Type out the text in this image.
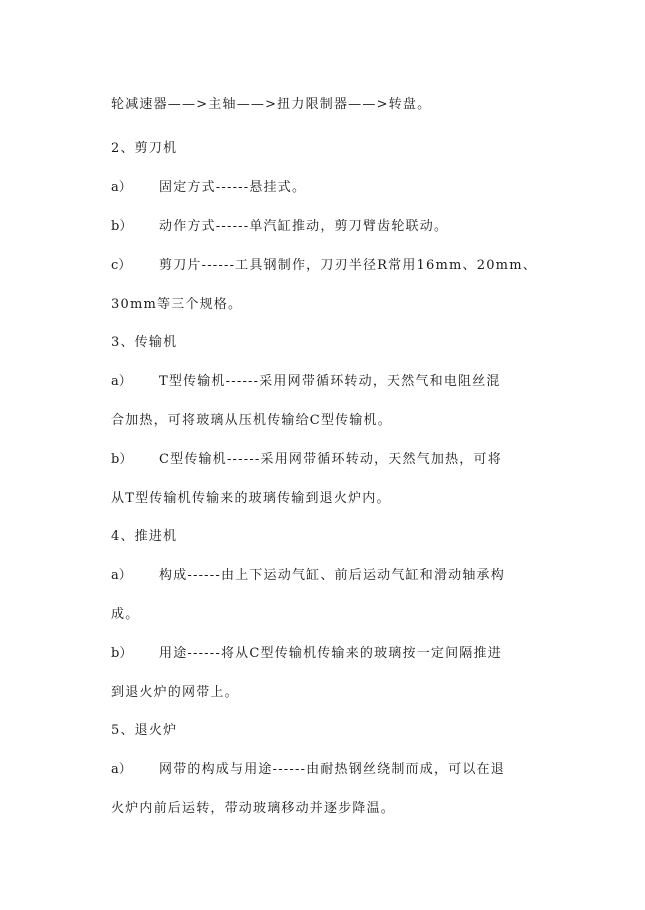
轮减速器——>主轴——>扭力限制器——>转盘。
2、剪刀机
a）	固定方式------悬挂式。
b）	动作方式------单汽缸推动，剪刀臂齿轮联动。
c）	剪刀片------工具钢制作，刀刃半径R常用16mm、20mm、
30mm等三个规格。
3、传输机
a）	T型传输机------采用网带循环转动，天然气和电阻丝混
合加热，可将玻璃从压机传输给C型传输机。
b）	C型传输机------采用网带循环转动，天然气加热，可将
从T型传输机传输来的玻璃传输到退火炉内。
4、推进机
a）	构成------由上下运动气缸、前后运动气缸和滑动轴承构
成。
b）	用途------将从C型传输机传输来的玻璃按一定间隔推进
到退火炉的网带上。
5、退火炉
a）	网带的构成与用途------由耐热钢丝绕制而成，可以在退
火炉内前后运转，带动玻璃移动并逐步降温。
